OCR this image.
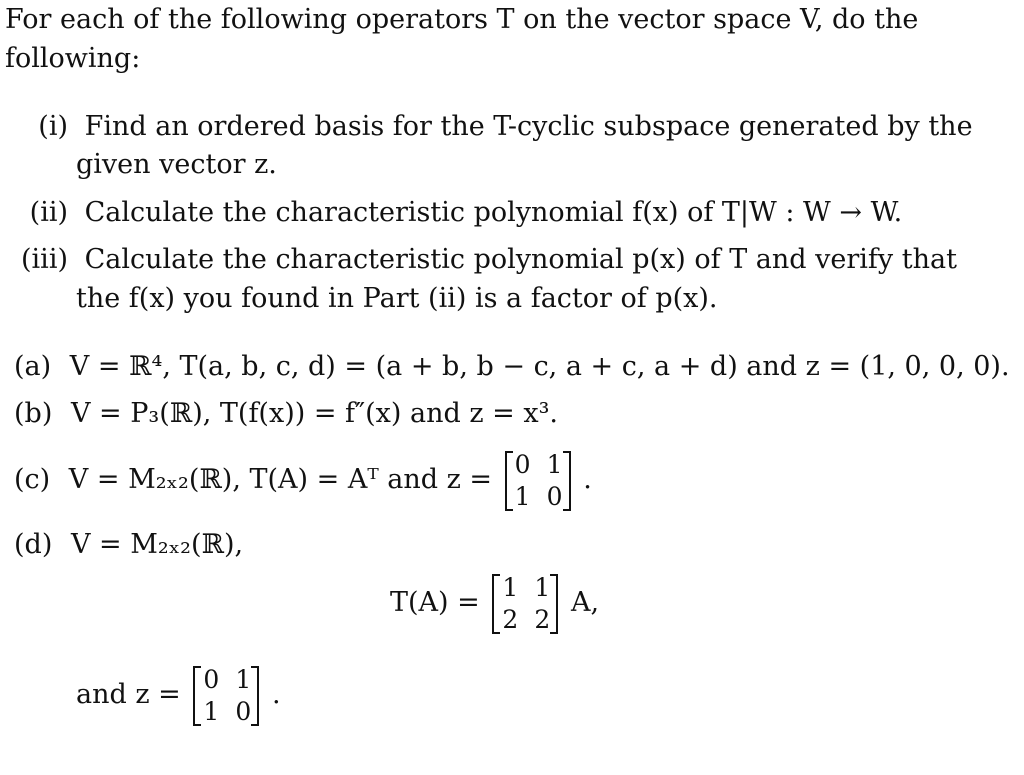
For each of the following operators T on the vector space V, do the
following:
(i) Find an ordered basis for the T-cyclic subspace generated by the
given vector z.
(ii) Calculate the characteristic polynomial f(x) of T|W : W → W.
(iii) Calculate the characteristic polynomial p(x) of T and verify that
the f(x) you found in Part (ii) is a factor of p(x).
(a) V = ℝ⁴, T(a, b, c, d) = (a + b, b − c, a + c, a + d) and z = (1, 0, 0, 0).
(b) V = P₃(ℝ), T(f(x)) = f″(x) and z = x³.
(c) V = M₂ₓ₂(ℝ), T(A) = Aᵀ and z = 0 1
1 0
.
(d) V = M₂ₓ₂(ℝ),
T(A) = 1 1
2 2
A,
and z = 0 1
1 0
.
